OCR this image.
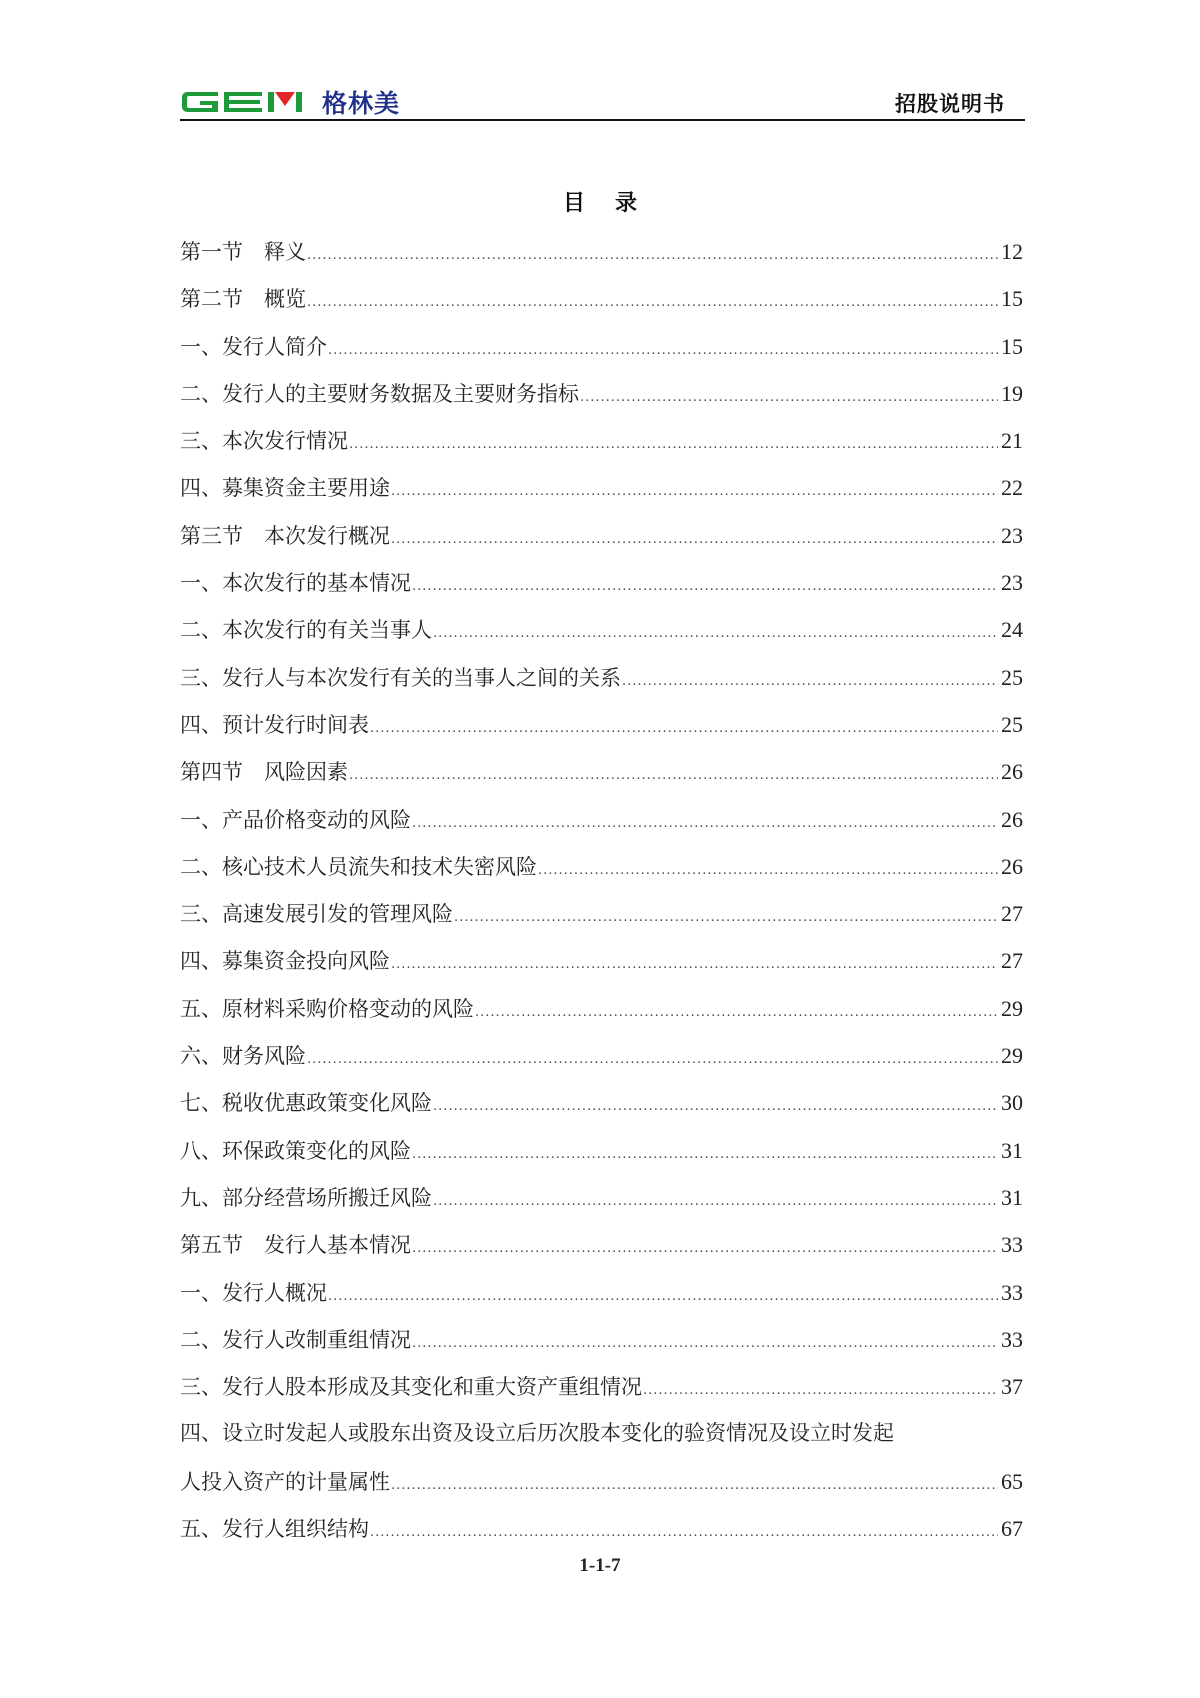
格林美	招股说明书
目 录
第一节　释义 .....	12
第二节　概览 .....	15
一、发行人简介 .....	15
二、发行人的主要财务数据及主要财务指标 .....	19
三、本次发行情况 .....	21
四、募集资金主要用途 .....	22
第三节　本次发行概况 .....	23
一、本次发行的基本情况 .....	23
二、本次发行的有关当事人 .....	24
三、发行人与本次发行有关的当事人之间的关系 .....	25
四、预计发行时间表 .....	25
第四节　风险因素 .....	26
一、产品价格变动的风险 .....	26
二、核心技术人员流失和技术失密风险 .....	26
三、高速发展引发的管理风险 .....	27
四、募集资金投向风险 .....	27
五、原材料采购价格变动的风险 .....	29
六、财务风险 .....	29
七、税收优惠政策变化风险 .....	30
八、环保政策变化的风险 .....	31
九、部分经营场所搬迁风险 .....	31
第五节　发行人基本情况 .....	33
一、发行人概况 .....	33
二、发行人改制重组情况 .....	33
三、发行人股本形成及其变化和重大资产重组情况 .....	37
四、设立时发起人或股东出资及设立后历次股本变化的验资情况及设立时发起
人投入资产的计量属性 .....	65
五、发行人组织结构 .....	67
1-1-7
